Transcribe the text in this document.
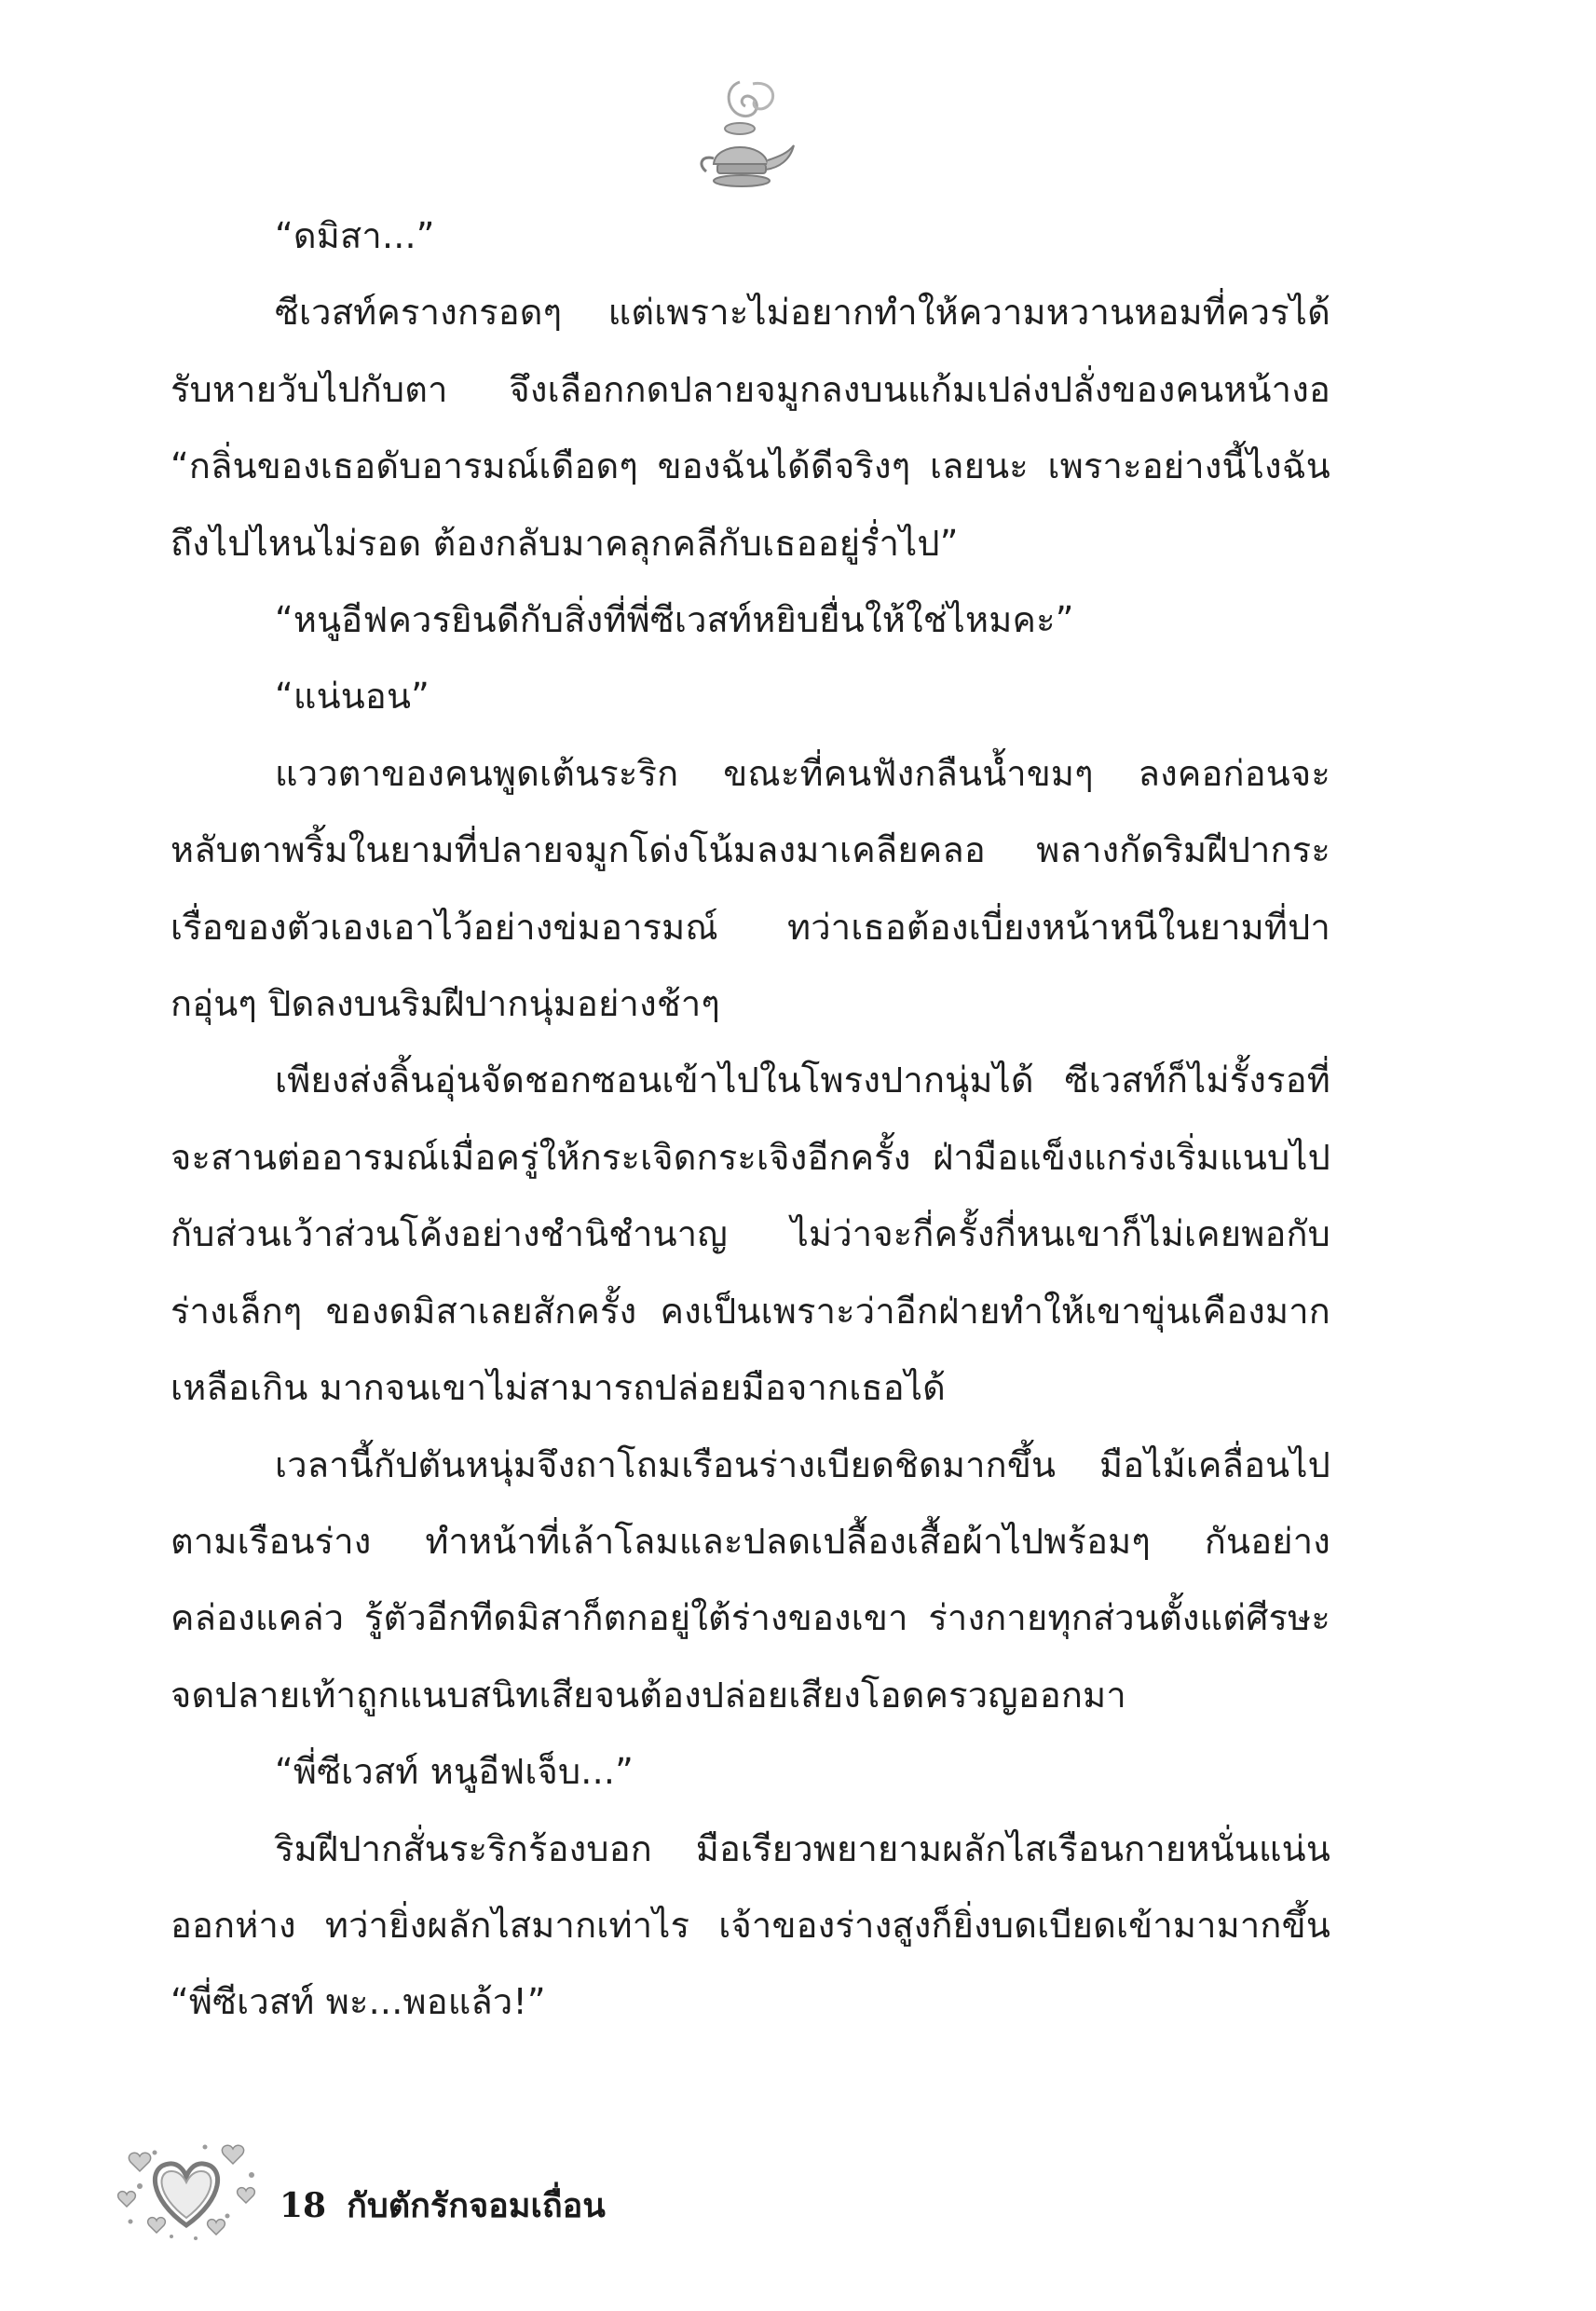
“ดมิสา...”

ซีเวสท์ครางกรอดๆ แต่เพราะไม่อยากทำให้ความหวานหอมที่ควรได้รับหายวับไปกับตา จึงเลือกกดปลายจมูกลงบนแก้มเปล่งปลั่งของคนหน้างอ “กลิ่นของเธอดับอารมณ์เดือดๆ ของฉันได้ดีจริงๆ เลยนะ เพราะอย่างนี้ไงฉันถึงไปไหนไม่รอด ต้องกลับมาคลุกคลีกับเธออยู่ร่ำไป”

“หนูอีฟควรยินดีกับสิ่งที่พี่ซีเวสท์หยิบยื่นให้ใช่ไหมคะ”

“แน่นอน”

แววตาของคนพูดเต้นระริก ขณะที่คนฟังกลืนน้ำขมๆ ลงคอก่อนจะหลับตาพริ้มในยามที่ปลายจมูกโด่งโน้มลงมาเคลียคลอ พลางกัดริมฝีปากระเรื่อของตัวเองเอาไว้อย่างข่มอารมณ์ ทว่าเธอต้องเบี่ยงหน้าหนีในยามที่ปากอุ่นๆ ปิดลงบนริมฝีปากนุ่มอย่างช้าๆ

เพียงส่งลิ้นอุ่นจัดชอกซอนเข้าไปในโพรงปากนุ่มได้ ซีเวสท์ก็ไม่รั้งรอที่จะสานต่ออารมณ์เมื่อครู่ให้กระเจิดกระเจิงอีกครั้ง ฝ่ามือแข็งแกร่งเริ่มแนบไปกับส่วนเว้าส่วนโค้งอย่างชำนิชำนาญ ไม่ว่าจะกี่ครั้งกี่หนเขาก็ไม่เคยพอกับร่างเล็กๆ ของดมิสาเลยสักครั้ง คงเป็นเพราะว่าอีกฝ่ายทำให้เขาขุ่นเคืองมากเหลือเกิน มากจนเขาไม่สามารถปล่อยมือจากเธอได้

เวลานี้กัปตันหนุ่มจึงถาโถมเรือนร่างเบียดชิดมากขึ้น มือไม้เคลื่อนไปตามเรือนร่าง ทำหน้าที่เล้าโลมและปลดเปลื้องเสื้อผ้าไปพร้อมๆ กันอย่างคล่องแคล่ว รู้ตัวอีกทีดมิสาก็ตกอยู่ใต้ร่างของเขา ร่างกายทุกส่วนตั้งแต่ศีรษะจดปลายเท้าถูกแนบสนิทเสียจนต้องปล่อยเสียงโอดครวญออกมา

“พี่ซีเวสท์ หนูอีฟเจ็บ...”

ริมฝีปากสั่นระริกร้องบอก มือเรียวพยายามผลักไสเรือนกายหนั่นแน่นออกห่าง ทว่ายิ่งผลักไสมากเท่าไร เจ้าของร่างสูงก็ยิ่งบดเบียดเข้ามามากขึ้น “พี่ซีเวสท์ พะ...พอแล้ว!”

18 กับตักรักจอมเถื่อน
